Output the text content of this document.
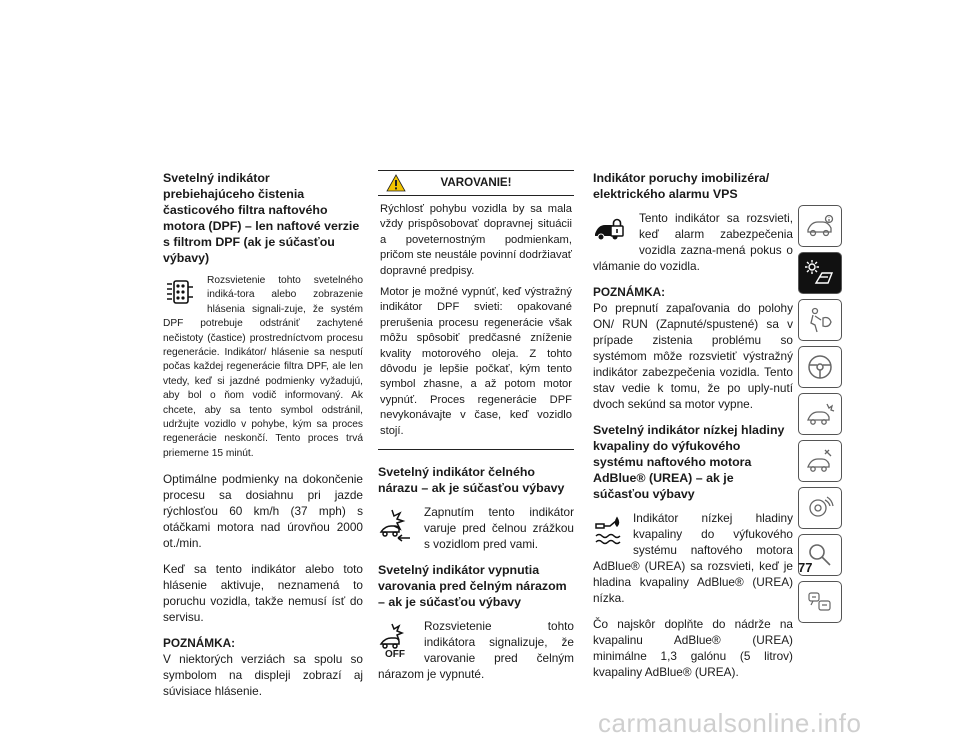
Svetelný indikátor prebiehajúceho čistenia časticového filtra naftového motora (DPF) – len naftové verzie s filtrom DPF (ak je súčasťou výbavy)

Rozsvietenie tohto svetelného indiká-tora alebo zobrazenie hlásenia signali-zuje, že systém DPF potrebuje odstrániť zachytené nečistoty (častice) prostredníctvom procesu regenerácie. Indikátor/ hlásenie sa nesputí počas každej regenerácie filtra DPF, ale len vtedy, keď si jazdné podmienky vyžadujú, aby bol o ňom vodič informovaný. Ak chcete, aby sa tento symbol odstránil, udržujte vozidlo v pohybe, kým sa proces regenerácie neskončí. Tento proces trvá priemerne 15 minút.

Optimálne podmienky na dokončenie procesu sa dosiahnu pri jazde rýchlosťou 60 km/h (37 mph) s otáčkami motora nad úrovňou 2000 ot./min.

Keď sa tento indikátor alebo toto hlásenie aktivuje, neznamená to poruchu vozidla, takže nemusí ísť do servisu.

POZNÁMKA:

V niektorých verziách sa spolu so symbolom na displeji zobrazí aj súvisiace hlásenie.

VAROVANIE!

Rýchlosť pohybu vozidla by sa mala vždy prispôsobovať dopravnej situácii a poveternostným podmienkam, pričom ste neustále povinní dodržiavať dopravné predpisy.

Motor je možné vypnúť, keď výstražný indikátor DPF svieti: opakované prerušenia procesu regenerácie však môžu spôsobiť predčasné zníženie kvality motorového oleja. Z tohto dôvodu je lepšie počkať, kým tento symbol zhasne, a až potom motor vypnúť. Proces regenerácie DPF nevykonávajte v čase, keď vozidlo stojí.

Svetelný indikátor čelného nárazu – ak je súčasťou výbavy

Zapnutím tento indikátor varuje pred čelnou zrážkou s vozidlom pred vami.

Svetelný indikátor vypnutia varovania pred čelným nárazom – ak je súčasťou výbavy
OFF

Rozsvietenie tohto indikátora signalizuje, že varovanie pred čelným nárazom je vypnuté.

Indikátor poruchy imobilizéra/ elektrického alarmu VPS

Tento indikátor sa rozsvieti, keď alarm zabezpečenia vozidla zazna-mená pokus o vlámanie do vozidla.

POZNÁMKA:

Po prepnutí zapaľovania do polohy ON/ RUN (Zapnuté/spustené) sa v prípade zistenia problému so systémom môže rozsvietiť výstražný indikátor zabezpečenia vozidla. Tento stav vedie k tomu, že po uply-nutí dvoch sekúnd sa motor vypne.

Svetelný indikátor nízkej hladiny kvapaliny do výfukového systému naftového motora AdBlue® (UREA) – ak je súčasťou výbavy

Indikátor nízkej hladiny kvapaliny do výfukového systému naftového motora AdBlue® (UREA) sa rozsvieti, keď je hladina kvapaliny AdBlue® (UREA) nízka.

Čo najskôr doplňte do nádrže na kvapalinu AdBlue® (UREA) minimálne 1,3 galónu (5 litrov) kvapaliny AdBlue® (UREA).

77
carmanualsonline.info
